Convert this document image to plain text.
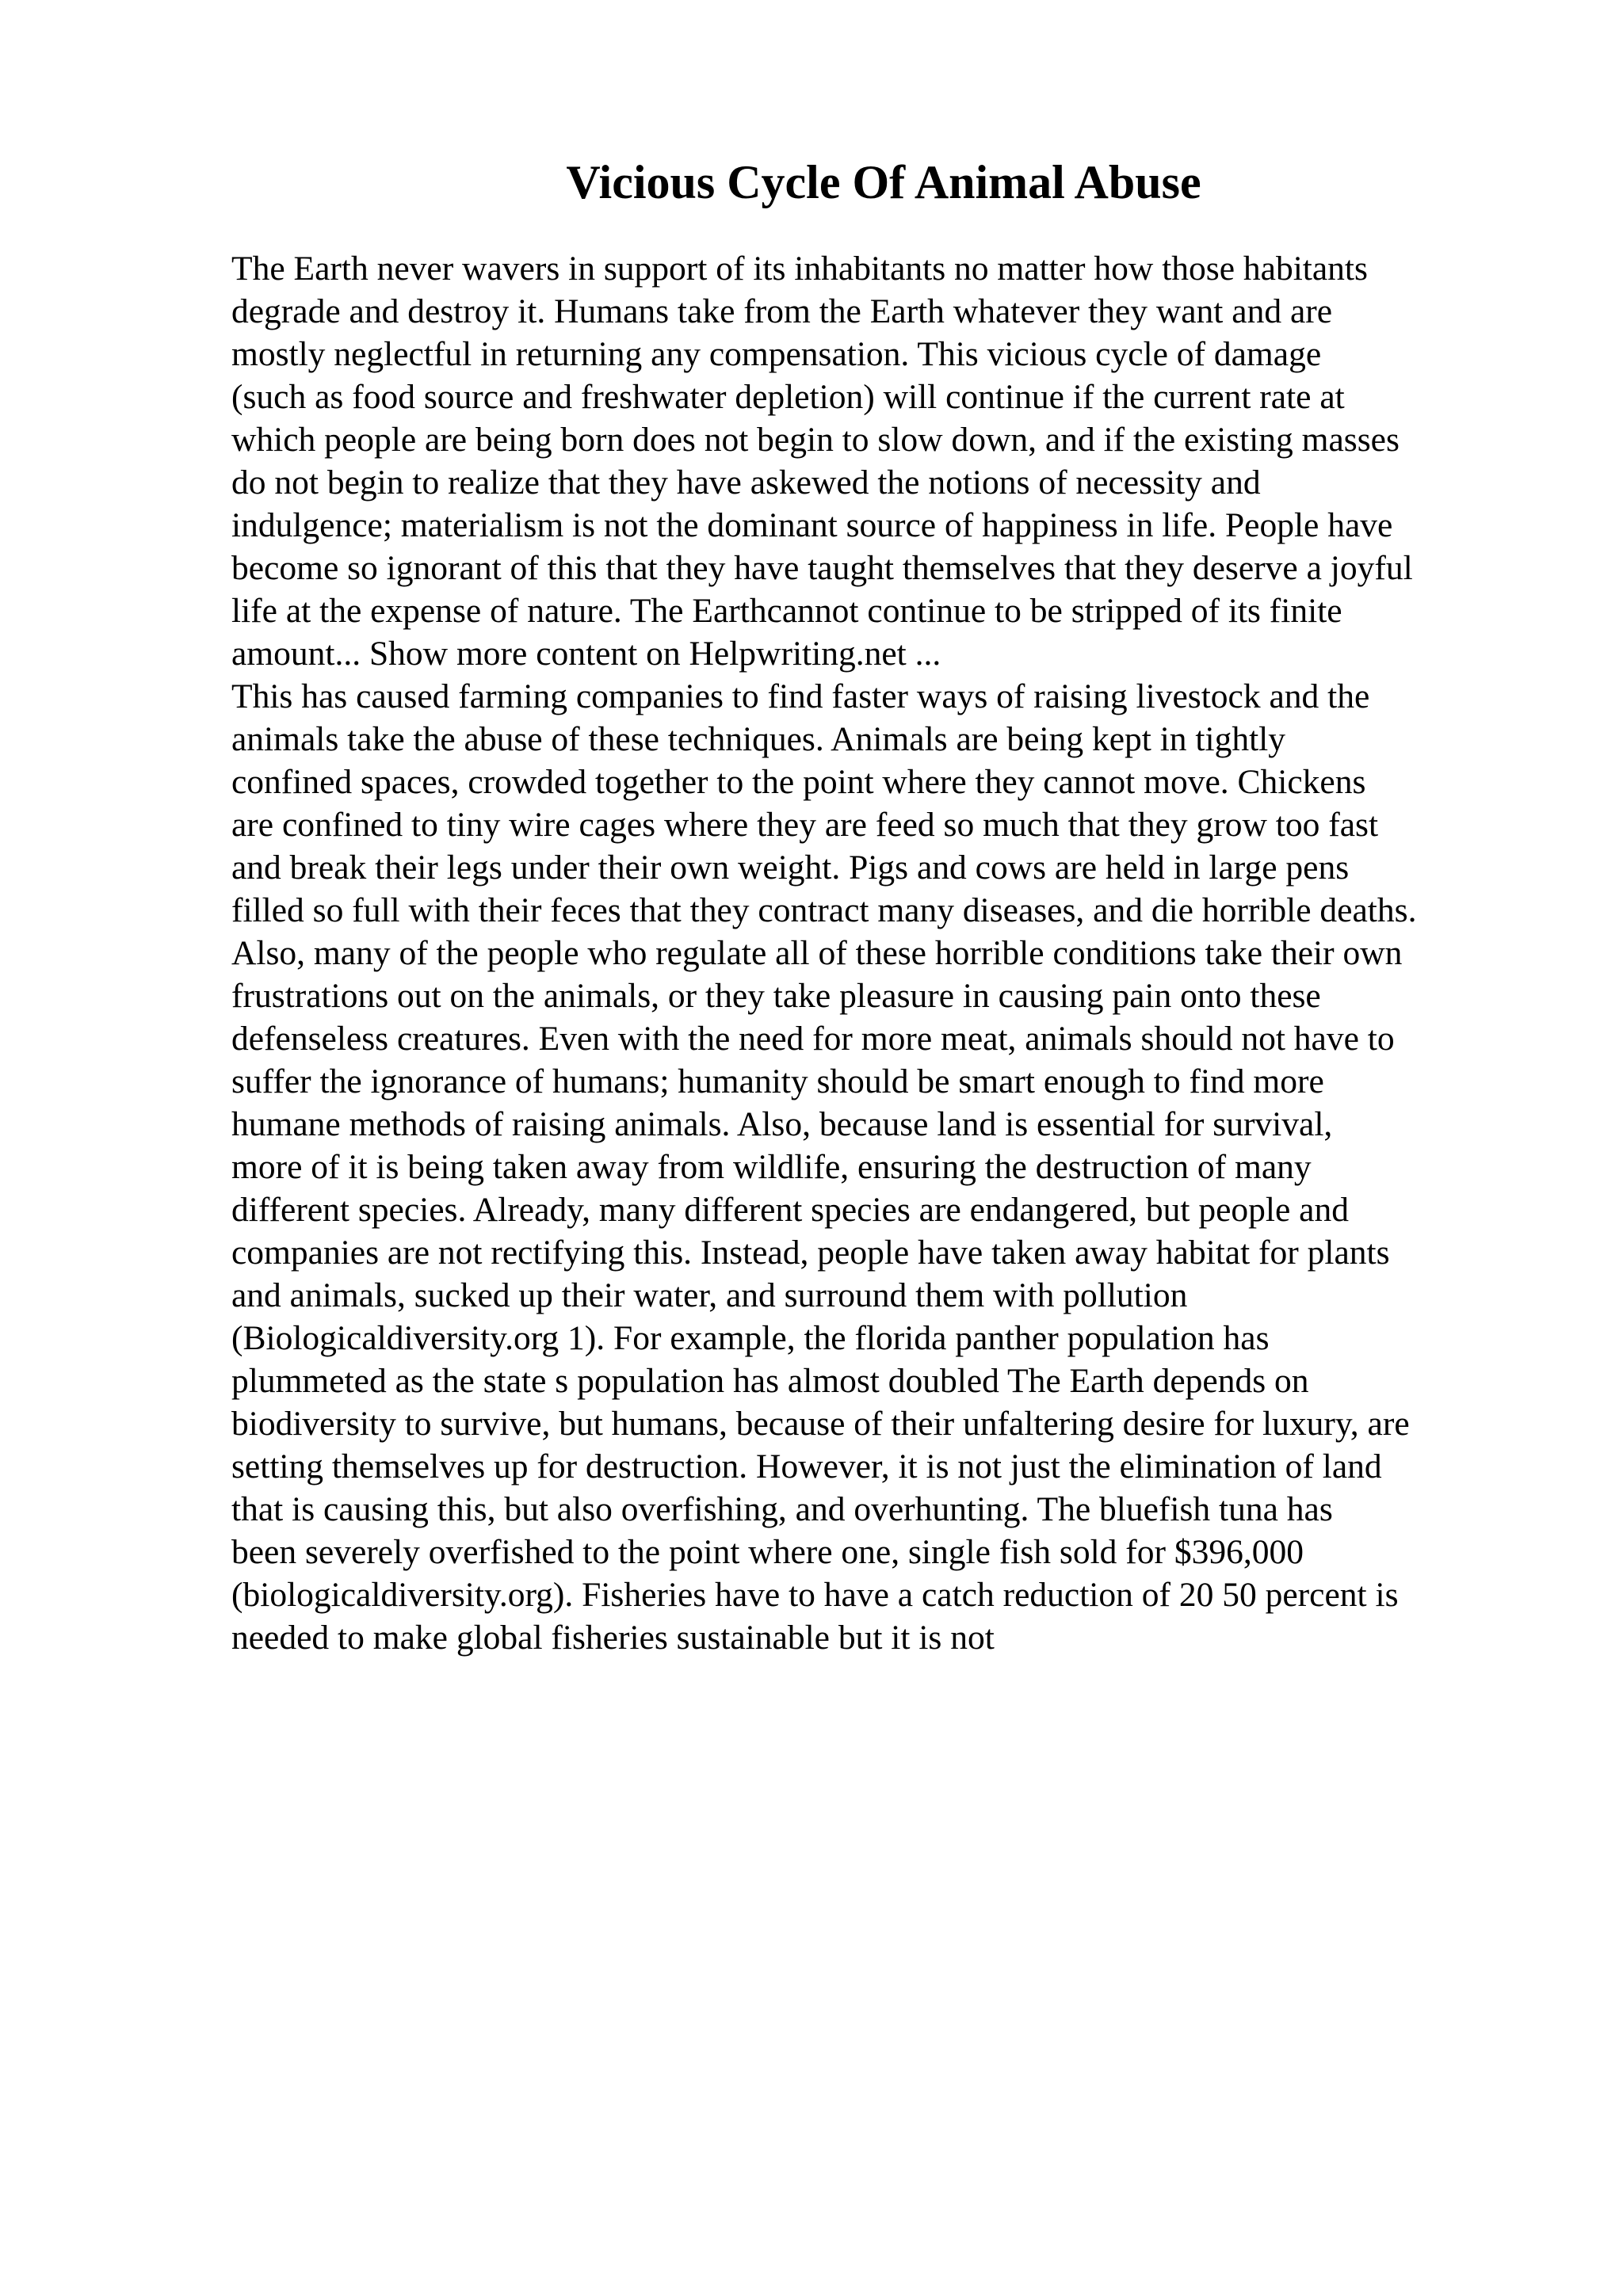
Vicious Cycle Of Animal Abuse
The Earth never wavers in support of its inhabitants no matter how those habitants
degrade and destroy it. Humans take from the Earth whatever they want and are
mostly neglectful in returning any compensation. This vicious cycle of damage
(such as food source and freshwater depletion) will continue if the current rate at
which people are being born does not begin to slow down, and if the existing masses
do not begin to realize that they have askewed the notions of necessity and
indulgence; materialism is not the dominant source of happiness in life. People have
become so ignorant of this that they have taught themselves that they deserve a joyful
life at the expense of nature. The Earthcannot continue to be stripped of its finite
amount... Show more content on Helpwriting.net ...
This has caused farming companies to find faster ways of raising livestock and the
animals take the abuse of these techniques. Animals are being kept in tightly
confined spaces, crowded together to the point where they cannot move. Chickens
are confined to tiny wire cages where they are feed so much that they grow too fast
and break their legs under their own weight. Pigs and cows are held in large pens
filled so full with their feces that they contract many diseases, and die horrible deaths.
Also, many of the people who regulate all of these horrible conditions take their own
frustrations out on the animals, or they take pleasure in causing pain onto these
defenseless creatures. Even with the need for more meat, animals should not have to
suffer the ignorance of humans; humanity should be smart enough to find more
humane methods of raising animals. Also, because land is essential for survival,
more of it is being taken away from wildlife, ensuring the destruction of many
different species. Already, many different species are endangered, but people and
companies are not rectifying this. Instead, people have taken away habitat for plants
and animals, sucked up their water, and surround them with pollution
(Biologicaldiversity.org 1). For example, the florida panther population has
plummeted as the state s population has almost doubled The Earth depends on
biodiversity to survive, but humans, because of their unfaltering desire for luxury, are
setting themselves up for destruction. However, it is not just the elimination of land
that is causing this, but also overfishing, and overhunting. The bluefish tuna has
been severely overfished to the point where one, single fish sold for $396,000
(biologicaldiversity.org). Fisheries have to have a catch reduction of 20 50 percent is
needed to make global fisheries sustainable but it is not
